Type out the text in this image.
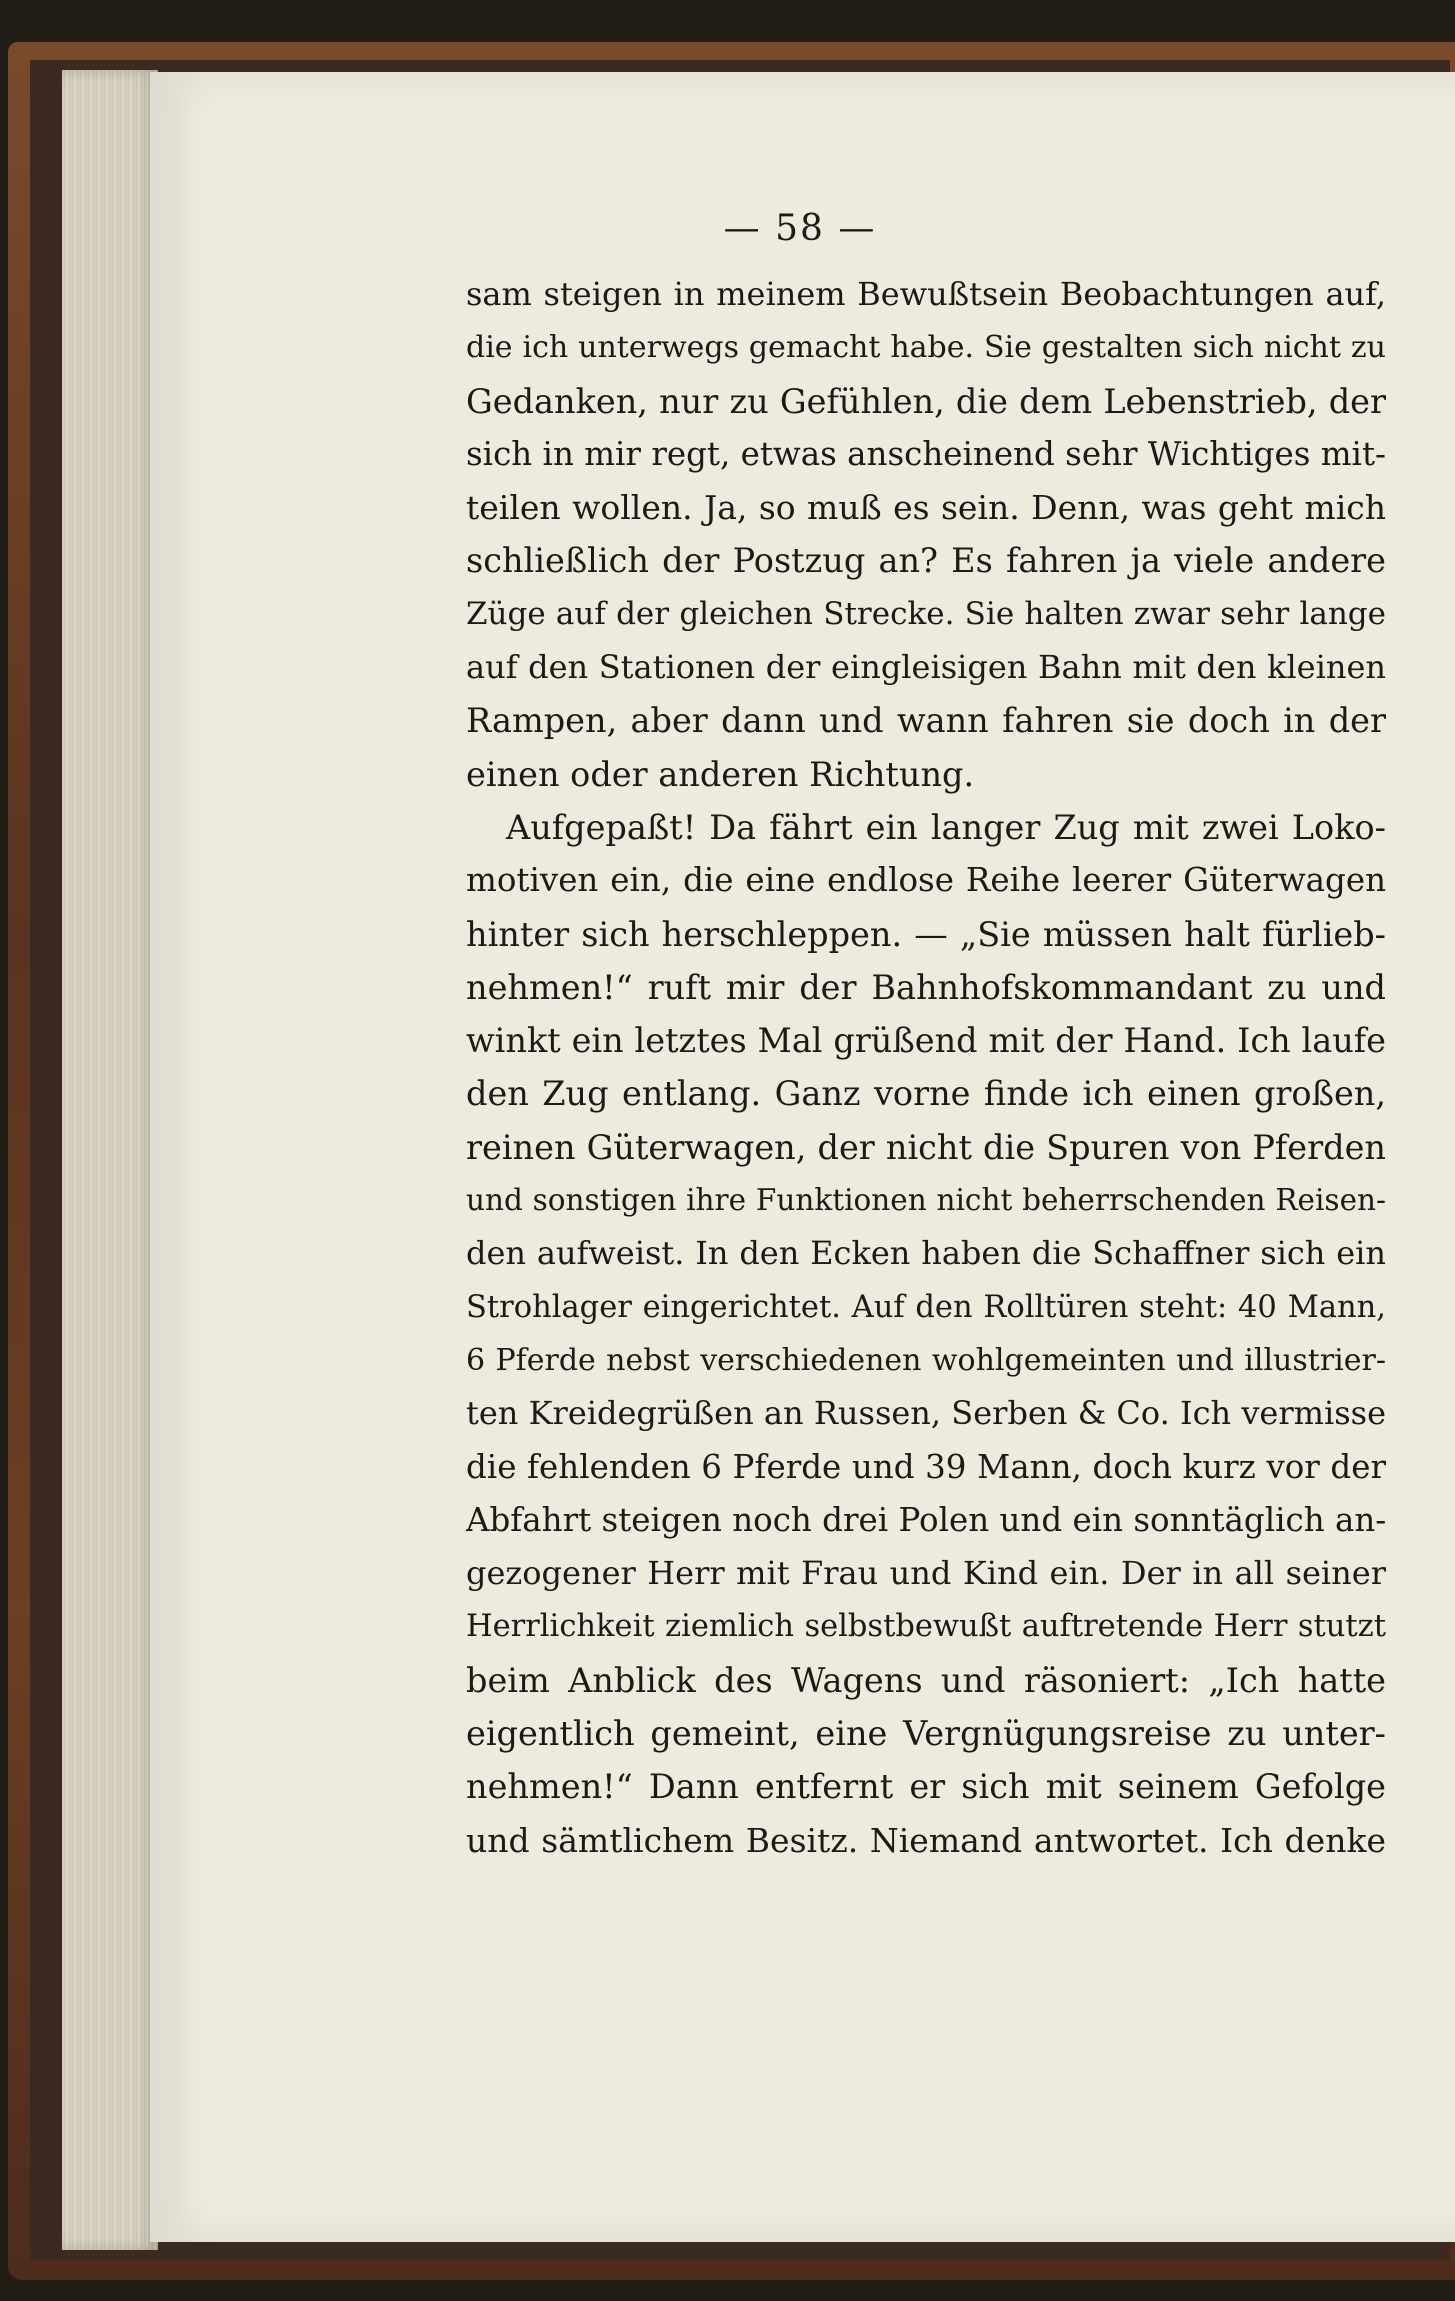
— 58 —
sam steigen in meinem Bewußtsein Beobachtungen auf,
die ich unterwegs gemacht habe. Sie gestalten sich nicht zu
Gedanken, nur zu Gefühlen, die dem Lebenstrieb, der
sich in mir regt, etwas anscheinend sehr Wichtiges mit-
teilen wollen. Ja, so muß es sein. Denn, was geht mich
schließlich der Postzug an? Es fahren ja viele andere
Züge auf der gleichen Strecke. Sie halten zwar sehr lange
auf den Stationen der eingleisigen Bahn mit den kleinen
Rampen, aber dann und wann fahren sie doch in der
einen oder anderen Richtung.
Aufgepaßt! Da fährt ein langer Zug mit zwei Loko-
motiven ein, die eine endlose Reihe leerer Güterwagen
hinter sich herschleppen. — „Sie müssen halt fürlieb-
nehmen!“ ruft mir der Bahnhofskommandant zu und
winkt ein letztes Mal grüßend mit der Hand. Ich laufe
den Zug entlang. Ganz vorne finde ich einen großen,
reinen Güterwagen, der nicht die Spuren von Pferden
und sonstigen ihre Funktionen nicht beherrschenden Reisen-
den aufweist. In den Ecken haben die Schaffner sich ein
Strohlager eingerichtet. Auf den Rolltüren steht: 40 Mann,
6 Pferde nebst verschiedenen wohlgemeinten und illustrier-
ten Kreidegrüßen an Russen, Serben & Co. Ich vermisse
die fehlenden 6 Pferde und 39 Mann, doch kurz vor der
Abfahrt steigen noch drei Polen und ein sonntäglich an-
gezogener Herr mit Frau und Kind ein. Der in all seiner
Herrlichkeit ziemlich selbstbewußt auftretende Herr stutzt
beim Anblick des Wagens und räsoniert: „Ich hatte
eigentlich gemeint, eine Vergnügungsreise zu unter-
nehmen!“ Dann entfernt er sich mit seinem Gefolge
und sämtlichem Besitz. Niemand antwortet. Ich denke
